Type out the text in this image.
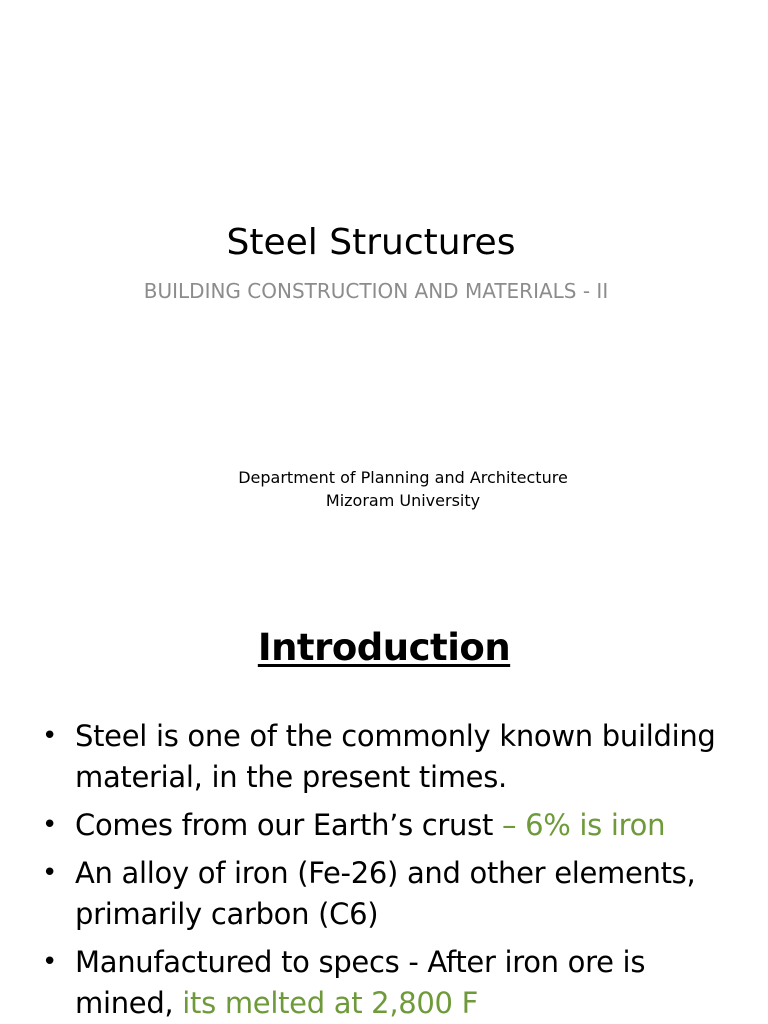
Steel Structures
BUILDING CONSTRUCTION AND MATERIALS - II
Department of Planning and Architecture
Mizoram University
Introduction
• Steel is one of the commonly known building material, in the present times.
• Comes from our Earth’s crust – 6% is iron
• An alloy of iron (Fe-26) and other elements, primarily carbon (C6)
• Manufactured to specs - After iron ore is mined, its melted at 2,800 F
